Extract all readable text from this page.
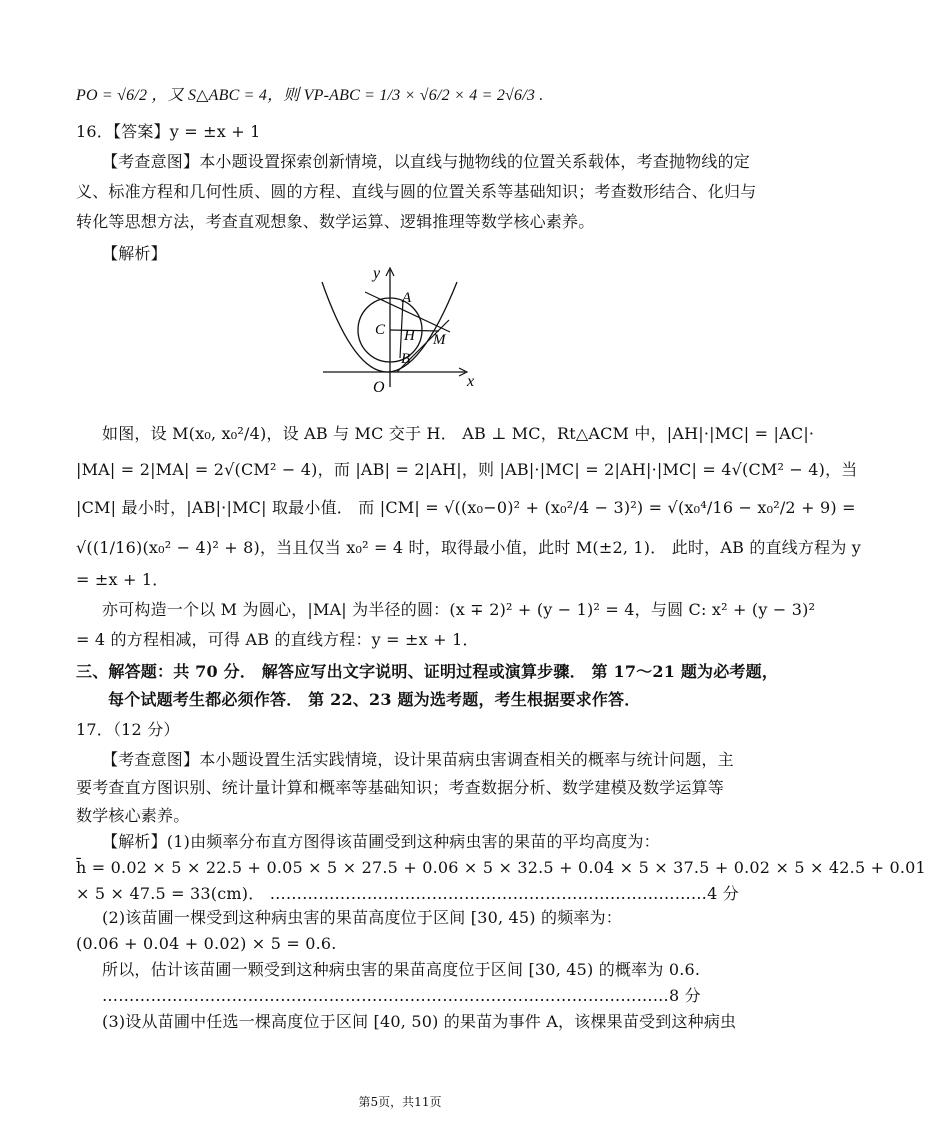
PO = √6/2 ，又 S△ABC = 4，则 VP-ABC = 1/3 × √6/2 × 4 = 2√6/3 .
16．【答案】y = ±x + 1
【考查意图】本小题设置探索创新情境，以直线与抛物线的位置关系载体，考查抛物线的定
义、标准方程和几何性质、圆的方程、直线与圆的位置关系等基础知识；考查数形结合、化归与
转化等思想方法，考查直观想象、数学运算、逻辑推理等数学核心素养。
【解析】
y
x
O
A
C H M
B
如图，设 M(x₀, x₀²/4)，设 AB 与 MC 交于 H． AB ⊥ MC，Rt△ACM 中，|AH|·|MC| = |AC|·
|MA| = 2|MA| = 2√(CM² − 4)，而 |AB| = 2|AH|，则 |AB|·|MC| = 2|AH|·|MC| = 4√(CM² − 4)，当
|CM| 最小时，|AB|·|MC| 取最小值． 而 |CM| = √((x₀−0)² + (x₀²/4 − 3)²) = √(x₀⁴/16 − x₀²/2 + 9) =
√((1/16)(x₀² − 4)² + 8)，当且仅当 x₀² = 4 时，取得最小值，此时 M(±2, 1)． 此时，AB 的直线方程为 y
= ±x + 1．
亦可构造一个以 M 为圆心，|MA| 为半径的圆：(x ∓ 2)² + (y − 1)² = 4，与圆 C: x² + (y − 3)²
= 4 的方程相减，可得 AB 的直线方程：y = ±x + 1．
三、解答题：共 70 分． 解答应写出文字说明、证明过程或演算步骤． 第 17～21 题为必考题，
每个试题考生都必须作答． 第 22、23 题为选考题，考生根据要求作答．
17．（12 分）
【考查意图】本小题设置生活实践情境，设计果苗病虫害调查相关的概率与统计问题，主
要考查直方图识别、统计量计算和概率等基础知识；考查数据分析、数学建模及数学运算等
数学核心素养。
【解析】(1)由频率分布直方图得该苗圃受到这种病虫害的果苗的平均高度为：
h̄ = 0.02 × 5 × 22.5 + 0.05 × 5 × 27.5 + 0.06 × 5 × 32.5 + 0.04 × 5 × 37.5 + 0.02 × 5 × 42.5 + 0.01
× 5 × 47.5 = 33(cm)． ………………………………………………………………………4 分
(2)该苗圃一棵受到这种病虫害的果苗高度位于区间 [30, 45) 的频率为：
(0.06 + 0.04 + 0.02) × 5 = 0.6.
所以，估计该苗圃一颗受到这种病虫害的果苗高度位于区间 [30, 45) 的概率为 0.6.
……………………………………………………………………………………………8 分
(3)设从苗圃中任选一棵高度位于区间 [40, 50) 的果苗为事件 A，该棵果苗受到这种病虫
第5页，共11页
